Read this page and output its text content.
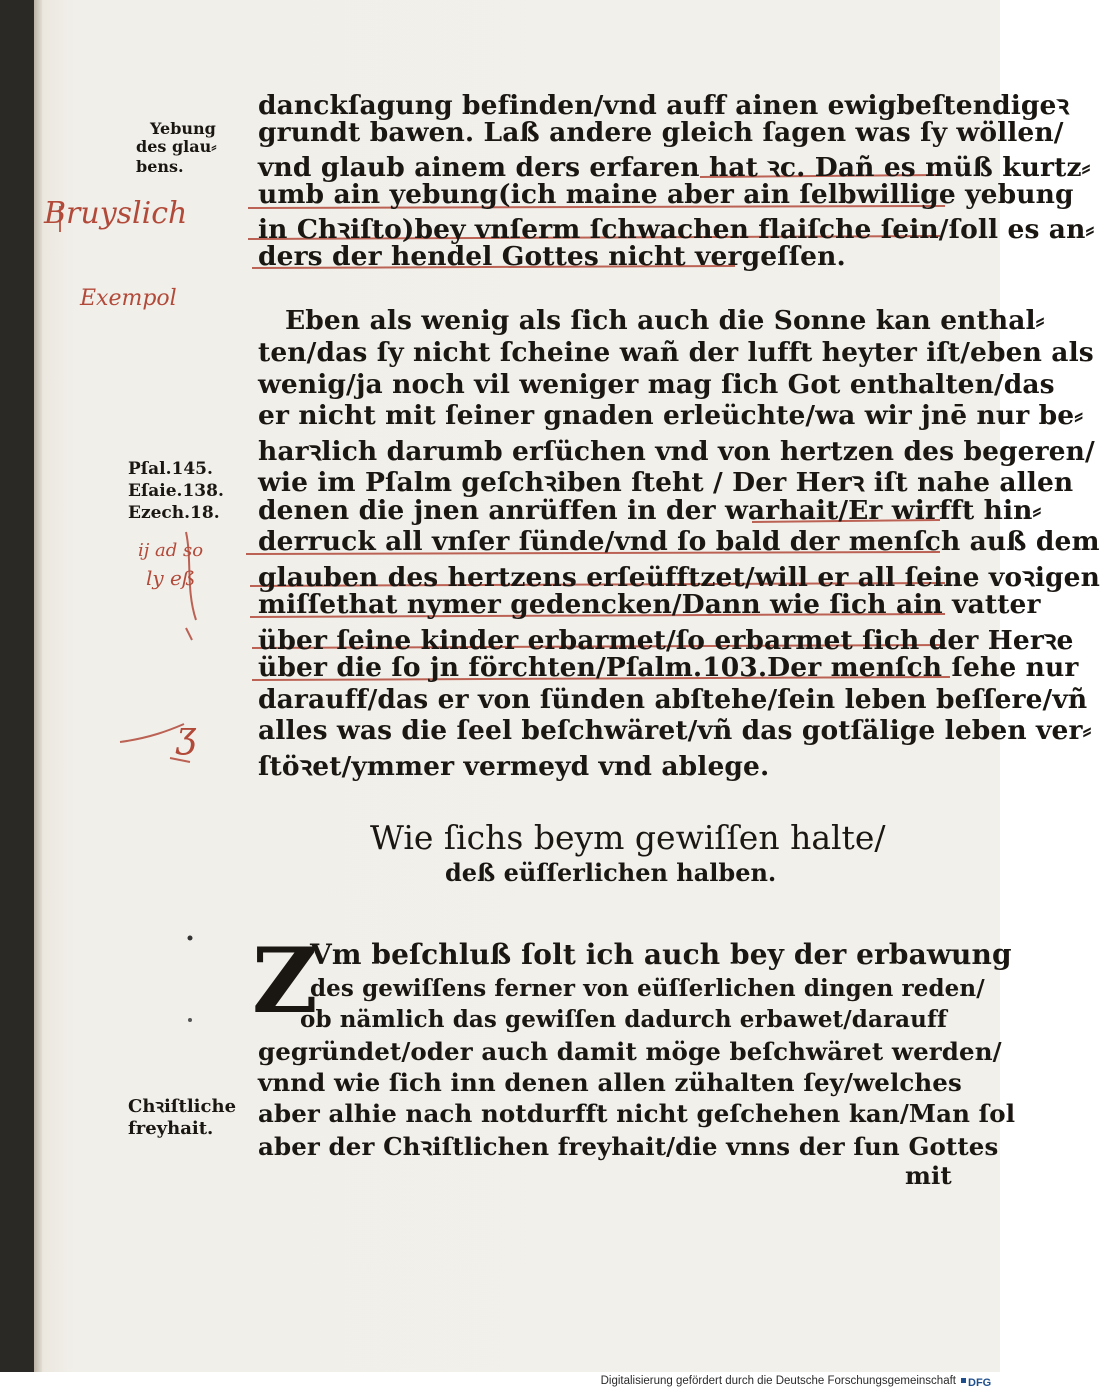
Yebung
des glau⸗
bens.
Pſal.145.
Eſaie.138.
Ezech.18.
Chꝛiſtliche
freyhait.
Bruyslich
Exempol
ij ad so
ly eß
ʒ
danckſagung befinden/vnd auff ainen ewigbeſtendigeꝛ
grundt bawen. Laß andere gleich ſagen was ſy wöllen/
vnd glaub ainem ders erfaren hat ꝛc. Dañ es müß kurtz⸗
umb ain yebung(ich maine aber ain ſelbwillige yebung
in Chꝛiſto)bey vnſerm ſchwachen flaiſche ſein/ſoll es an⸗
ders der hendel Gottes nicht vergeſſen.
Eben als wenig als ſich auch die Sonne kan enthal⸗
ten/das ſy nicht ſcheine wañ der lufft heyter iſt/eben als
wenig/ja noch vil weniger mag ſich Got enthalten/das
er nicht mit ſeiner gnaden erleüchte/wa wir jnē nur be⸗
harꝛlich darumb erſüchen vnd von hertzen des begeren/
wie im Pſalm geſchꝛiben ſteht / Der Herꝛ iſt nahe allen
denen die jnen anrüffen in der warhait/Er wirfft hin⸗
derruck all vnſer ſünde/vnd ſo bald der menſch auß dem
glauben des hertzens erſeüfftzet/will er all ſeine voꝛigen
miſſethat nymer gedencken/Dann wie ſich ain vatter
über ſeine kinder erbarmet/ſo erbarmet ſich der Herꝛe
über die ſo jn förchten/Pſalm.103.Der menſch ſehe nur
darauff/das er von ſünden abſtehe/ſein leben beſſere/vñ
alles was die ſeel beſchwäret/vñ das gotſälige leben ver⸗
ſtöꝛet/ymmer vermeyd vnd ablege.
Wie ſichs beym gewiſſen halte/
deß eüſſerlichen halben.
Z
Vm beſchluß ſolt ich auch bey der erbawung
des gewiſſens ferner von eüſſerlichen dingen reden/
ob nämlich das gewiſſen dadurch erbawet/darauff
gegründet/oder auch damit möge beſchwäret werden/
vnnd wie ſich inn denen allen zühalten ſey/welches
aber alhie nach notdurfft nicht geſchehen kan/Man ſol
aber der Chꝛiſtlichen freyhait/die vnns der ſun Gottes
mit
Digitalisierung gefördert durch die Deutsche Forschungsgemeinschaft DFG
